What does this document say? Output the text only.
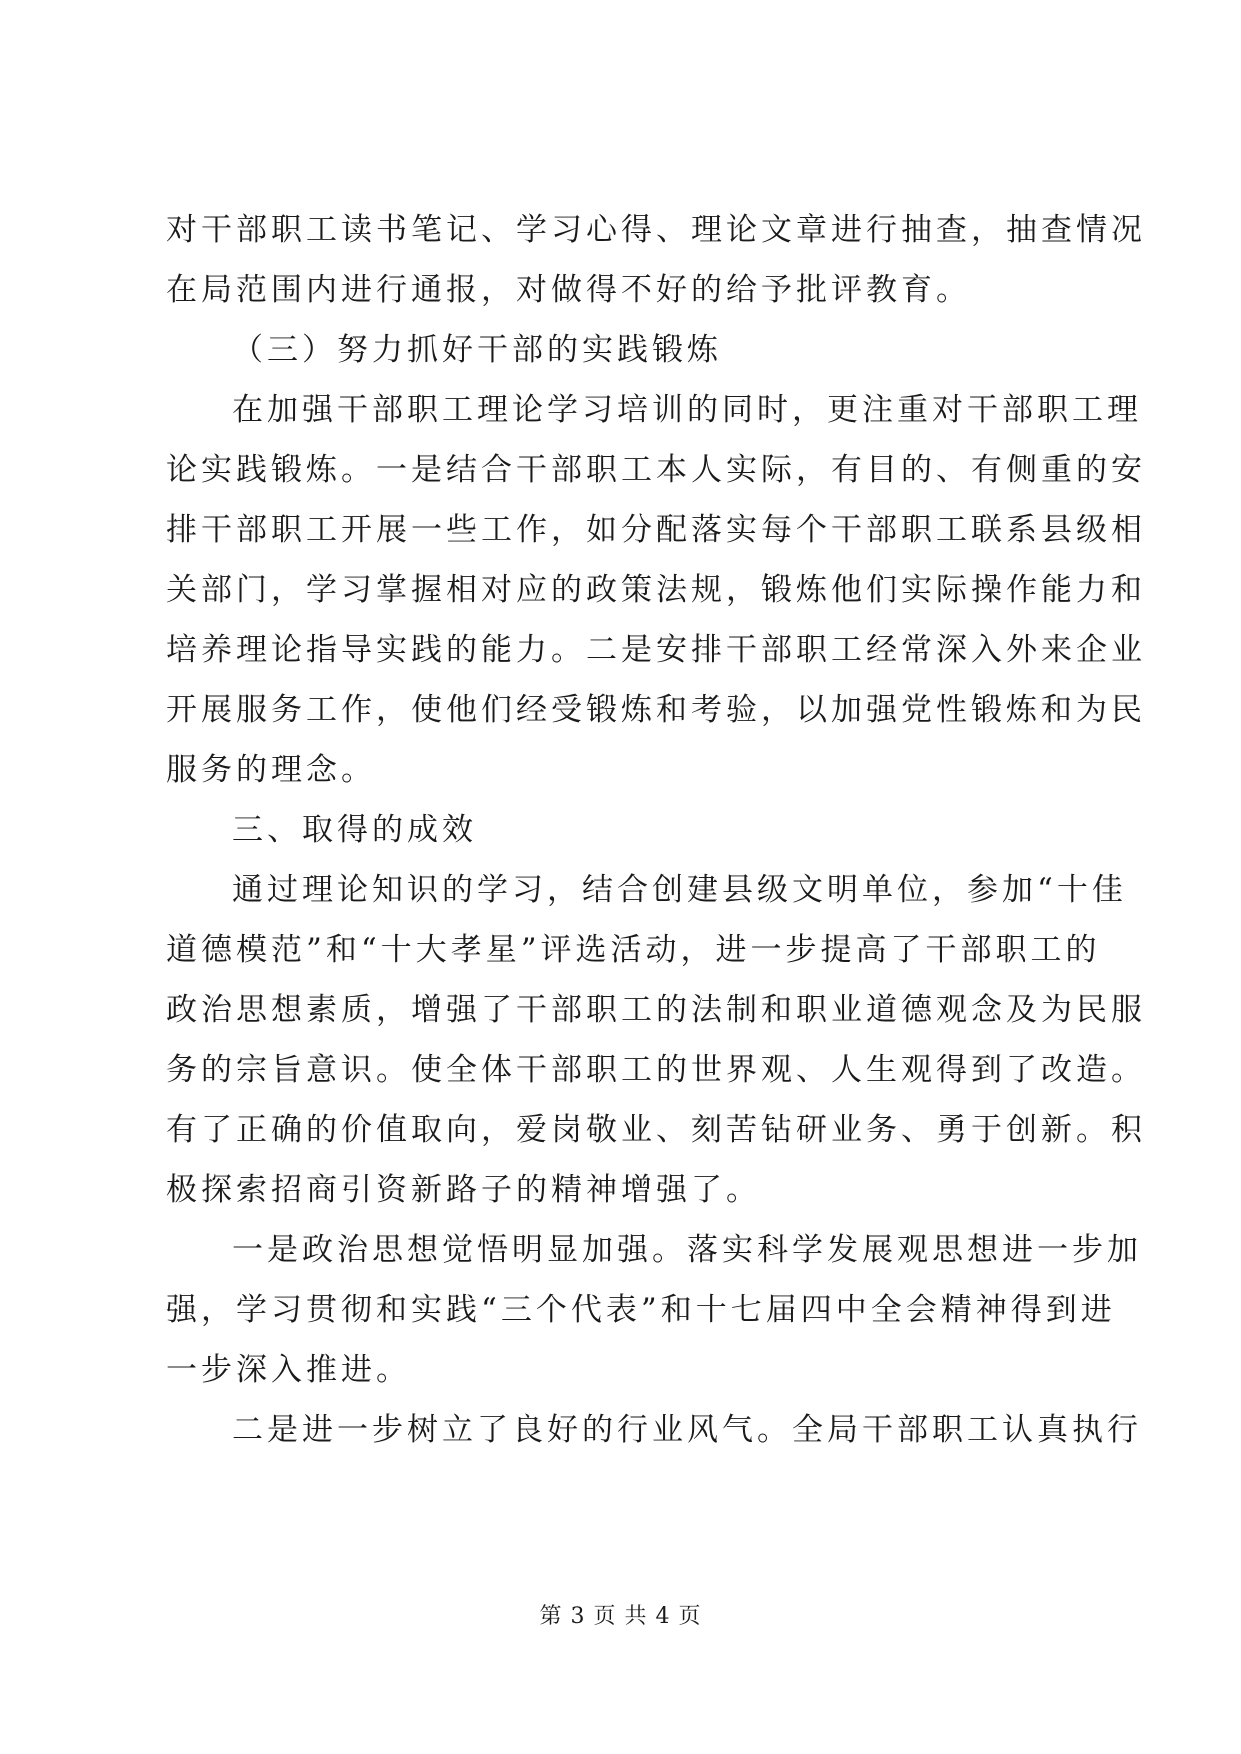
对干部职工读书笔记、学习心得、理论文章进行抽查，抽查情况
在局范围内进行通报，对做得不好的给予批评教育。
（三）努力抓好干部的实践锻炼
在加强干部职工理论学习培训的同时，更注重对干部职工理
论实践锻炼。一是结合干部职工本人实际，有目的、有侧重的安
排干部职工开展一些工作，如分配落实每个干部职工联系县级相
关部门，学习掌握相对应的政策法规，锻炼他们实际操作能力和
培养理论指导实践的能力。二是安排干部职工经常深入外来企业
开展服务工作，使他们经受锻炼和考验，以加强党性锻炼和为民
服务的理念。
三、取得的成效
通过理论知识的学习，结合创建县级文明单位，参加“十佳
道德模范”和“十大孝星”评选活动，进一步提高了干部职工的
政治思想素质，增强了干部职工的法制和职业道德观念及为民服
务的宗旨意识。使全体干部职工的世界观、人生观得到了改造。
有了正确的价值取向，爱岗敬业、刻苦钻研业务、勇于创新。积
极探索招商引资新路子的精神增强了。
一是政治思想觉悟明显加强。落实科学发展观思想进一步加
强，学习贯彻和实践“三个代表”和十七届四中全会精神得到进
一步深入推进。
二是进一步树立了良好的行业风气。全局干部职工认真执行
第 3 页 共 4 页
